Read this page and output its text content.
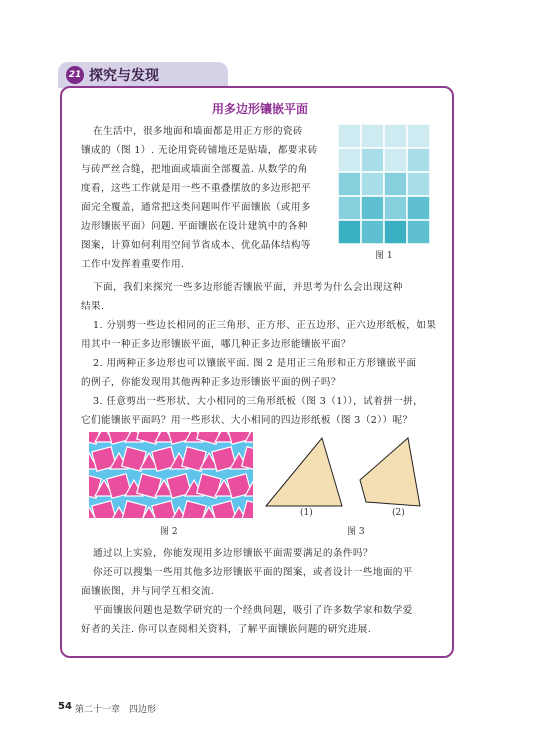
21 探究与发现
用多边形镶嵌平面
在生活中，很多地面和墙面都是用正方形的瓷砖
镶成的（图 1）. 无论用瓷砖铺地还是贴墙，都要求砖
与砖严丝合缝，把地面或墙面全部覆盖. 从数学的角
度看，这些工作就是用一些不重叠摆放的多边形把平
面完全覆盖，通常把这类问题叫作平面镶嵌（或用多
边形镶嵌平面）问题. 平面镶嵌在设计建筑中的各种
图案，计算如何利用空间节省成本、优化晶体结构等
工作中发挥着重要作用.
图 1
下面，我们来探究一些多边形能否镶嵌平面，并思考为什么会出现这种
结果.
1. 分别剪一些边长相同的正三角形、正方形、正五边形、正六边形纸板，如果
用其中一种正多边形镶嵌平面，哪几种正多边形能镶嵌平面？
2. 用两种正多边形也可以镶嵌平面. 图 2 是用正三角形和正方形镶嵌平面
的例子，你能发现用其他两种正多边形镶嵌平面的例子吗？
3. 任意剪出一些形状、大小相同的三角形纸板（图 3（1）），试着拼一拼，
它们能镶嵌平面吗？用一些形状、大小相同的四边形纸板（图 3（2））呢？
图 2
(1)	(2)
图 3
通过以上实验，你能发现用多边形镶嵌平面需要满足的条件吗？
你还可以搜集一些用其他多边形镶嵌平面的图案，或者设计一些地面的平
面镶嵌图，并与同学互相交流.
平面镶嵌问题也是数学研究的一个经典问题，吸引了许多数学家和数学爱
好者的关注. 你可以查阅相关资料，了解平面镶嵌问题的研究进展.
54 第二十一章　四边形
